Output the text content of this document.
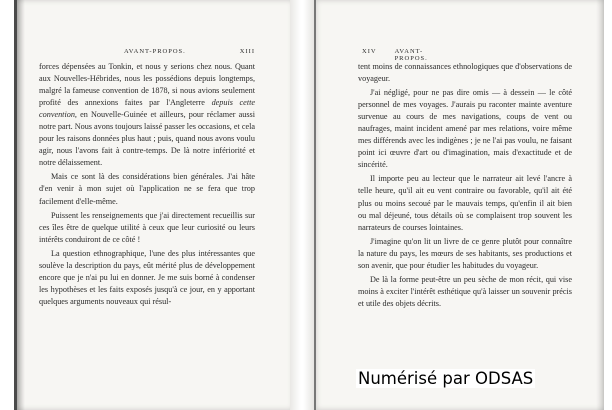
AVANT-PROPOS.	XIII

forces dépensées au Tonkin, et nous y serions chez nous. Quant aux Nouvelles-Hébrides, nous les possédions depuis longtemps, malgré la fameuse convention de 1878, si nous avions seulement profité des annexions faites par l'Angleterre depuis cette convention, en Nouvelle-Guinée et ailleurs, pour réclamer aussi notre part. Nous avons toujours laissé passer les occasions, et cela pour les raisons données plus haut ; puis, quand nous avons voulu agir, nous l'avons fait à contre-temps. De là notre infériorité et notre délaissement.

Mais ce sont là des considérations bien générales. J'ai hâte d'en venir à mon sujet où l'application ne se fera que trop facilement d'elle-même.

Puissent les renseignements que j'ai directement recueillis sur ces îles être de quelque utilité à ceux que leur curiosité ou leurs intérêts conduiront de ce côté !

La question ethnographique, l'une des plus intéressantes que soulève la description du pays, eût mérité plus de développement encore que je n'ai pu lui en donner. Je me suis borné à condenser les hypothèses et les faits exposés jusqu'à ce jour, en y apportant quelques arguments nouveaux qui résul-

XIV	AVANT-PROPOS.

tent moins de connaissances ethnologiques que d'observations de voyageur.

J'ai négligé, pour ne pas dire omis — à dessein — le côté personnel de mes voyages. J'aurais pu raconter mainte aventure survenue au cours de mes navigations, coups de vent ou naufrages, maint incident amené par mes relations, voire même mes différends avec les indigènes ; je ne l'ai pas voulu, ne faisant point ici œuvre d'art ou d'imagination, mais d'exactitude et de sincérité.

Il importe peu au lecteur que le narrateur ait levé l'ancre à telle heure, qu'il ait eu vent contraire ou favorable, qu'il ait été plus ou moins secoué par le mauvais temps, qu'enfin il ait bien ou mal déjeuné, tous détails où se complaisent trop souvent les narrateurs de courses lointaines.

J'imagine qu'on lit un livre de ce genre plutôt pour connaître la nature du pays, les mœurs de ses habitants, ses productions et son avenir, que pour étudier les habitudes du voyageur.

De là la forme peut-être un peu sèche de mon récit, qui vise moins à exciter l'intérêt esthétique qu'à laisser un souvenir précis et utile des objets décrits.

Numérisé par ODSAS
